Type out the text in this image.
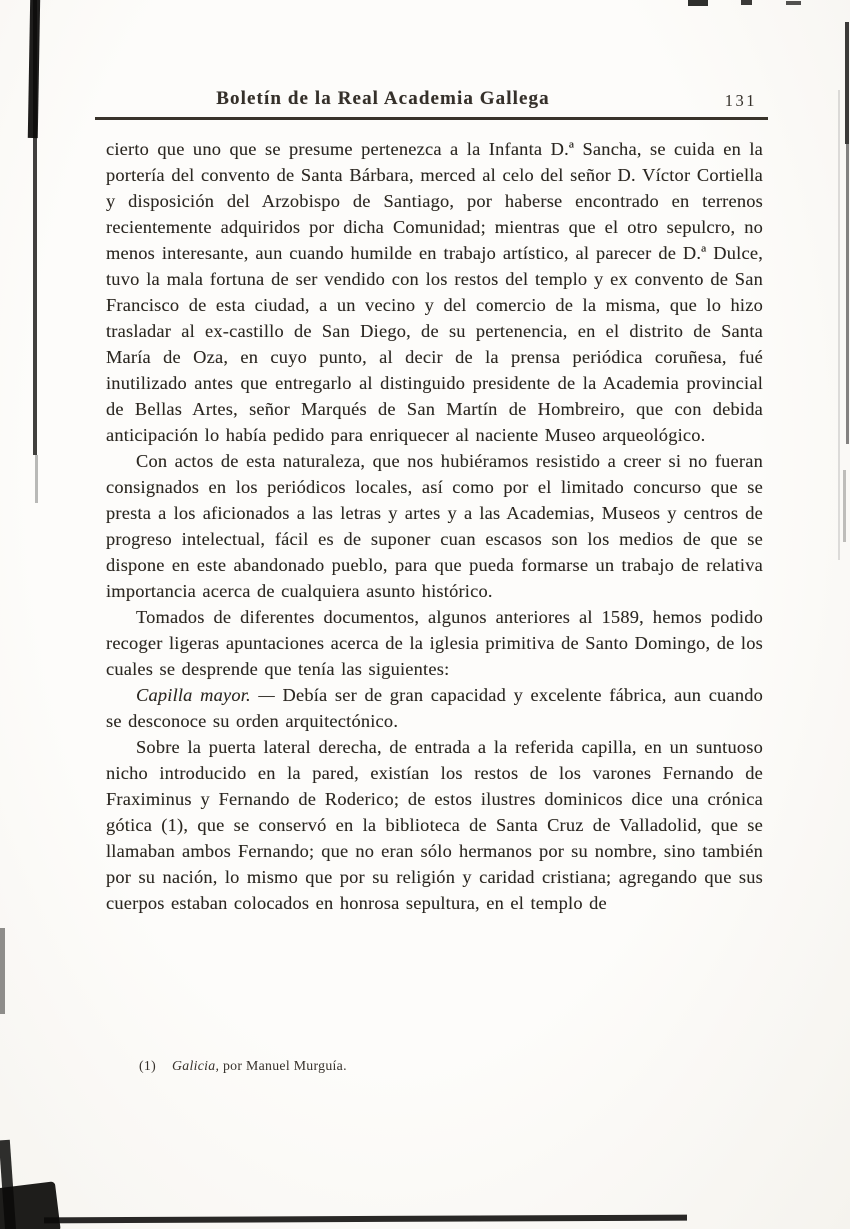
Boletín de la Real Academia Gallega	131

cierto que uno que se presume pertenezca a la Infanta D.ª Sancha, se cuida en la portería del convento de Santa Bárbara, merced al celo del señor D. Víctor Cortiella y disposición del Arzobispo de Santiago, por haberse encontrado en terrenos recientemente adquiridos por dicha Comunidad; mientras que el otro sepulcro, no menos interesante, aun cuando humilde en trabajo artístico, al parecer de D.ª Dulce, tuvo la mala fortuna de ser vendido con los restos del templo y ex convento de San Francisco de esta ciudad, a un vecino y del comercio de la misma, que lo hizo trasladar al ex-castillo de San Diego, de su pertenencia, en el distrito de Santa María de Oza, en cuyo punto, al decir de la prensa periódica coruñesa, fué inutilizado antes que entregarlo al distinguido presidente de la Academia provincial de Bellas Artes, señor Marqués de San Martín de Hombreiro, que con debida anticipación lo había pedido para enriquecer al naciente Museo arqueológico.

Con actos de esta naturaleza, que nos hubiéramos resistido a creer si no fueran consignados en los periódicos locales, así como por el limitado concurso que se presta a los aficionados a las letras y artes y a las Academias, Museos y centros de progreso intelectual, fácil es de suponer cuan escasos son los medios de que se dispone en este abandonado pueblo, para que pueda formarse un trabajo de relativa importancia acerca de cualquiera asunto histórico.

Tomados de diferentes documentos, algunos anteriores al 1589, hemos podido recoger ligeras apuntaciones acerca de la iglesia primitiva de Santo Domingo, de los cuales se desprende que tenía las siguientes:

Capilla mayor. — Debía ser de gran capacidad y excelente fábrica, aun cuando se desconoce su orden arquitectónico.

Sobre la puerta lateral derecha, de entrada a la referida capilla, en un suntuoso nicho introducido en la pared, existían los restos de los varones Fernando de Fraximinus y Fernando de Roderico; de estos ilustres dominicos dice una crónica gótica (1), que se conservó en la biblioteca de Santa Cruz de Valladolid, que se llamaban ambos Fernando; que no eran sólo hermanos por su nombre, sino también por su nación, lo mismo que por su religión y caridad cristiana; agregando que sus cuerpos estaban colocados en honrosa sepultura, en el templo de

(1) Galicia, por Manuel Murguía.
